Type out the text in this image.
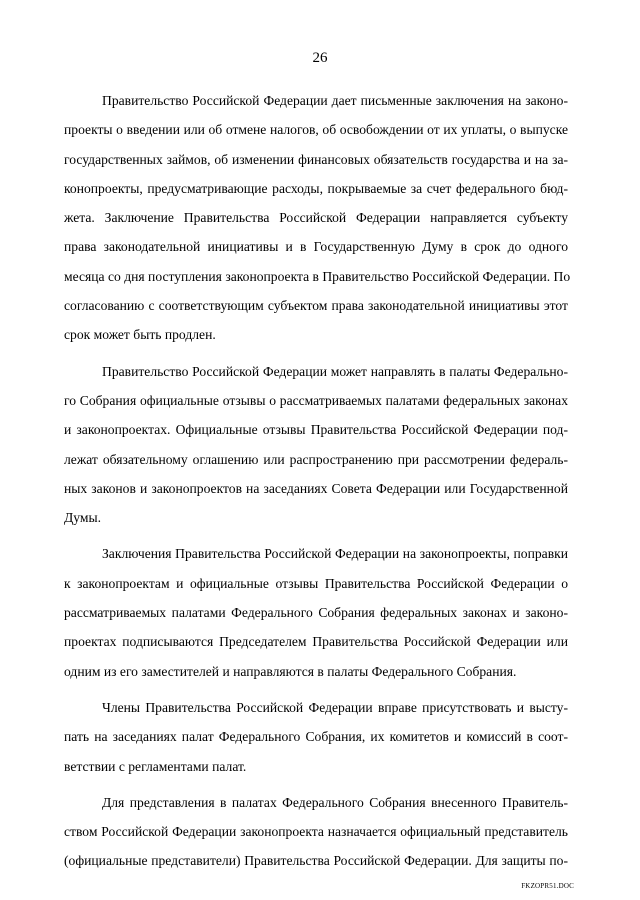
26
Правительство Российской Федерации дает письменные заключения на законо-
проекты о введении или об отмене налогов, об освобождении от их уплаты, о выпуске
государственных займов, об изменении финансовых обязательств государства и на за-
конопроекты, предусматривающие расходы, покрываемые за счет федерального бюд-
жета. Заключение Правительства Российской Федерации направляется субъекту
права законодательной инициативы и в Государственную Думу в срок до одного
месяца со дня поступления законопроекта в Правительство Российской Федерации. По
согласованию с соответствующим субъектом права законодательной инициативы этот
срок может быть продлен.
Правительство Российской Федерации может направлять в палаты Федерально-
го Собрания официальные отзывы о рассматриваемых палатами федеральных законах
и законопроектах. Официальные отзывы Правительства Российской Федерации под-
лежат обязательному оглашению или распространению при рассмотрении федераль-
ных законов и законопроектов на заседаниях Совета Федерации или Государственной
Думы.
Заключения Правительства Российской Федерации на законопроекты, поправки
к законопроектам и официальные отзывы Правительства Российской Федерации о
рассматриваемых палатами Федерального Собрания федеральных законах и законо-
проектах подписываются Председателем Правительства Российской Федерации или
одним из его заместителей и направляются в палаты Федерального Собрания.
Члены Правительства Российской Федерации вправе присутствовать и высту-
пать на заседаниях палат Федерального Собрания, их комитетов и комиссий в соот-
ветствии с регламентами палат.
Для представления в палатах Федерального Собрания внесенного Правитель-
ством Российской Федерации законопроекта назначается официальный представитель
(официальные представители) Правительства Российской Федерации. Для защиты по-
FKZOPR51.DOC
